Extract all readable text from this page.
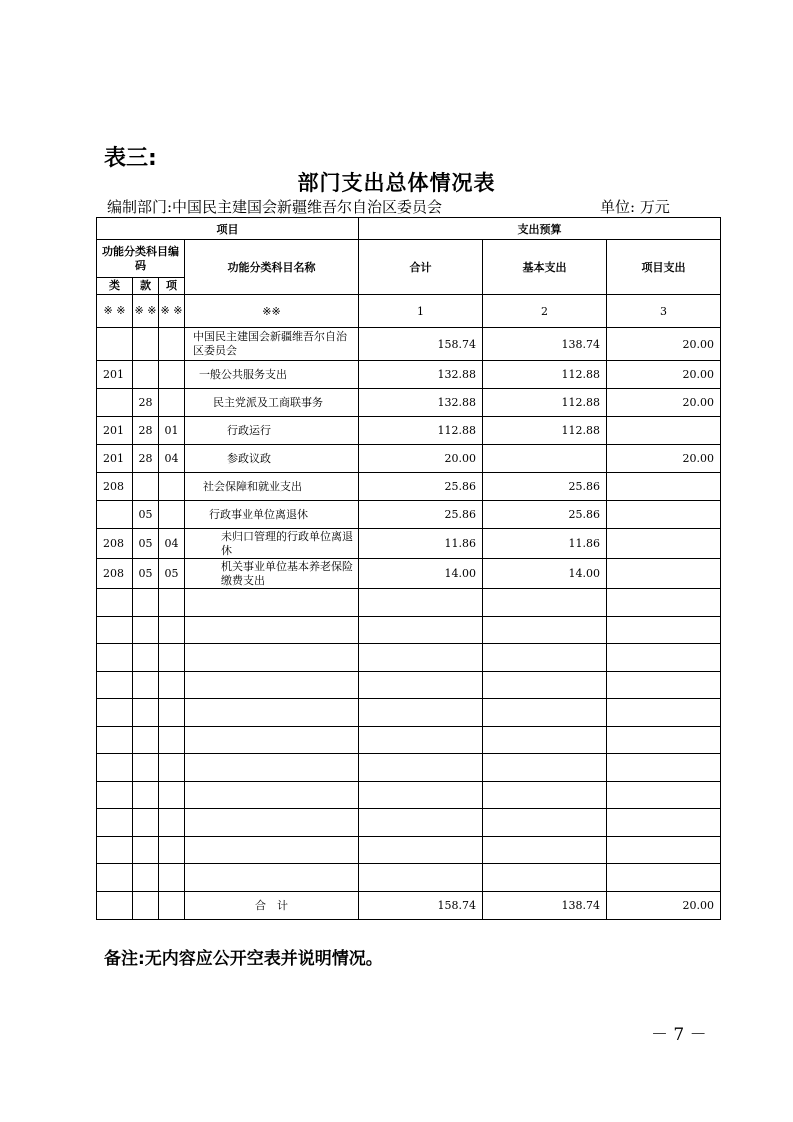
表三:
部门支出总体情况表
编制部门:中国民主建国会新疆维吾尔自治区委员会	单位: 万元
项目				支出预算		
功能分类科目编码			功能分类科目名称	合计	基本支出	项目支出
类	款	项				
※ ※	※ ※	※ ※	※※	1	2	3
			中国民主建国会新疆维吾尔自治区委员会	158.74	138.74	20.00
201			一般公共服务支出	132.88	112.88	20.00
	28		民主党派及工商联事务	132.88	112.88	20.00
201	28	01	行政运行	112.88	112.88	
201	28	04	参政议政	20.00		20.00
208			社会保障和就业支出	25.86	25.86	
	05		行政事业单位离退休	25.86	25.86	
208	05	04	未归口管理的行政单位离退休	11.86	11.86	
208	05	05	机关事业单位基本养老保险缴费支出	14.00	14.00	

			合　计	158.74	138.74	20.00
备注:无内容应公开空表并说明情况。
－ 7 －
